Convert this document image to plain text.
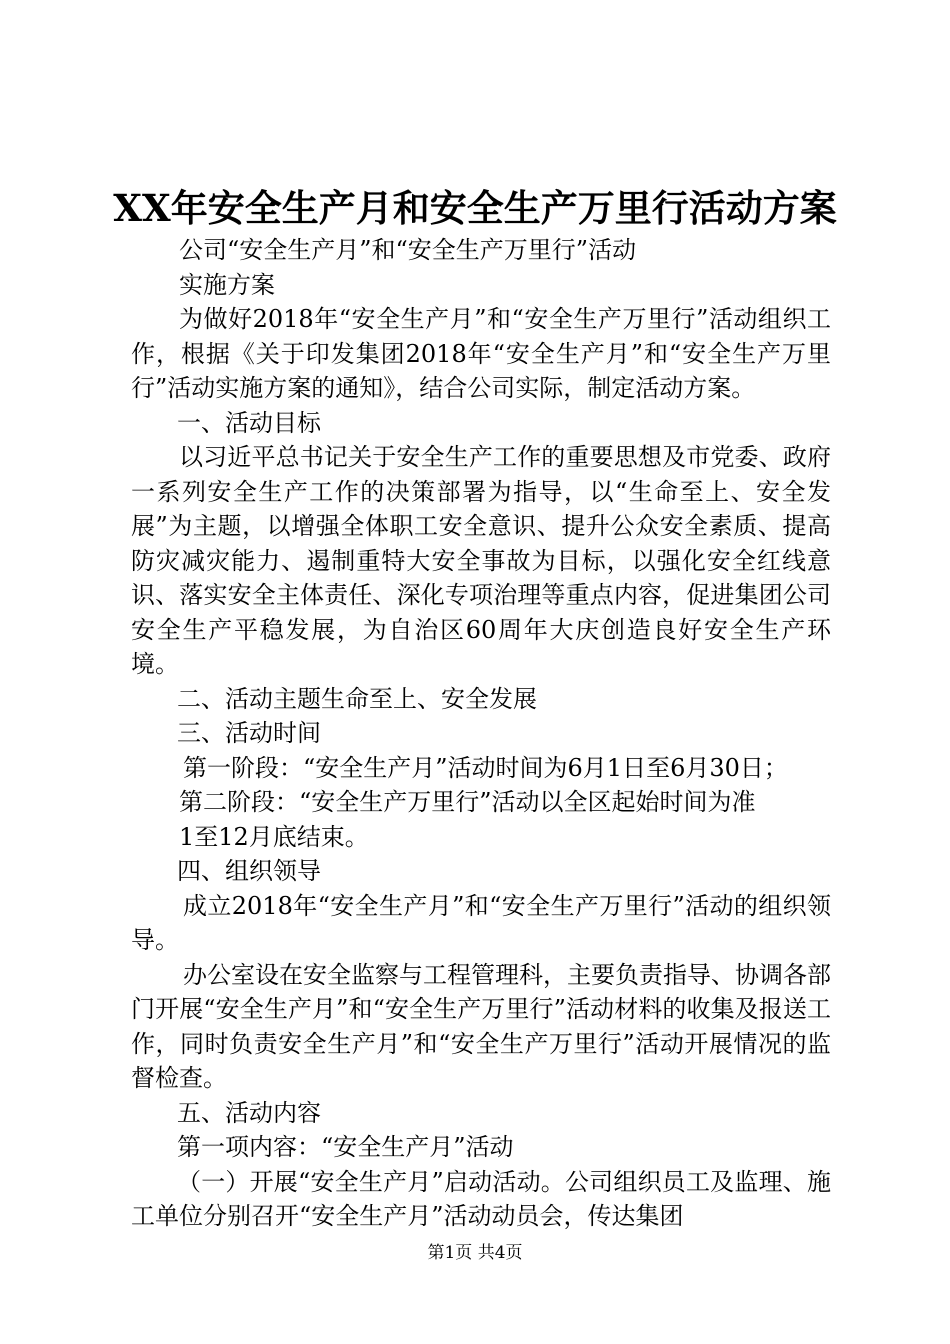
XX年安全生产月和安全生产万里行活动方案

公司“安全生产月”和“安全生产万里行”活动

实施方案

为做好2018年“安全生产月”和“安全生产万里行”活动组织工作，根据《关于印发集团2018年“安全生产月”和“安全生产万里行”活动实施方案的通知》，结合公司实际，制定活动方案。

一、活动目标

以习近平总书记关于安全生产工作的重要思想及市党委、政府一系列安全生产工作的决策部署为指导，以“生命至上、安全发展”为主题，以增强全体职工安全意识、提升公众安全素质、提高防灾减灾能力、遏制重特大安全事故为目标，以强化安全红线意识、落实安全主体责任、深化专项治理等重点内容，促进集团公司安全生产平稳发展，为自治区60周年大庆创造良好安全生产环境。

二、活动主题生命至上、安全发展

三、活动时间

第一阶段：“安全生产月”活动时间为6月1日至6月30日；

第二阶段：“安全生产万里行”活动以全区起始时间为准

1至12月底结束。

四、组织领导

成立2018年“安全生产月”和“安全生产万里行”活动的组织领导。

办公室设在安全监察与工程管理科，主要负责指导、协调各部门开展“安全生产月”和“安全生产万里行”活动材料的收集及报送工作，同时负责安全生产月”和“安全生产万里行”活动开展情况的监督检查。

五、活动内容

第一项内容：“安全生产月”活动

（一）开展“安全生产月”启动活动。公司组织员工及监理、施工单位分别召开“安全生产月”活动动员会，传达集团

第1页 共4页
